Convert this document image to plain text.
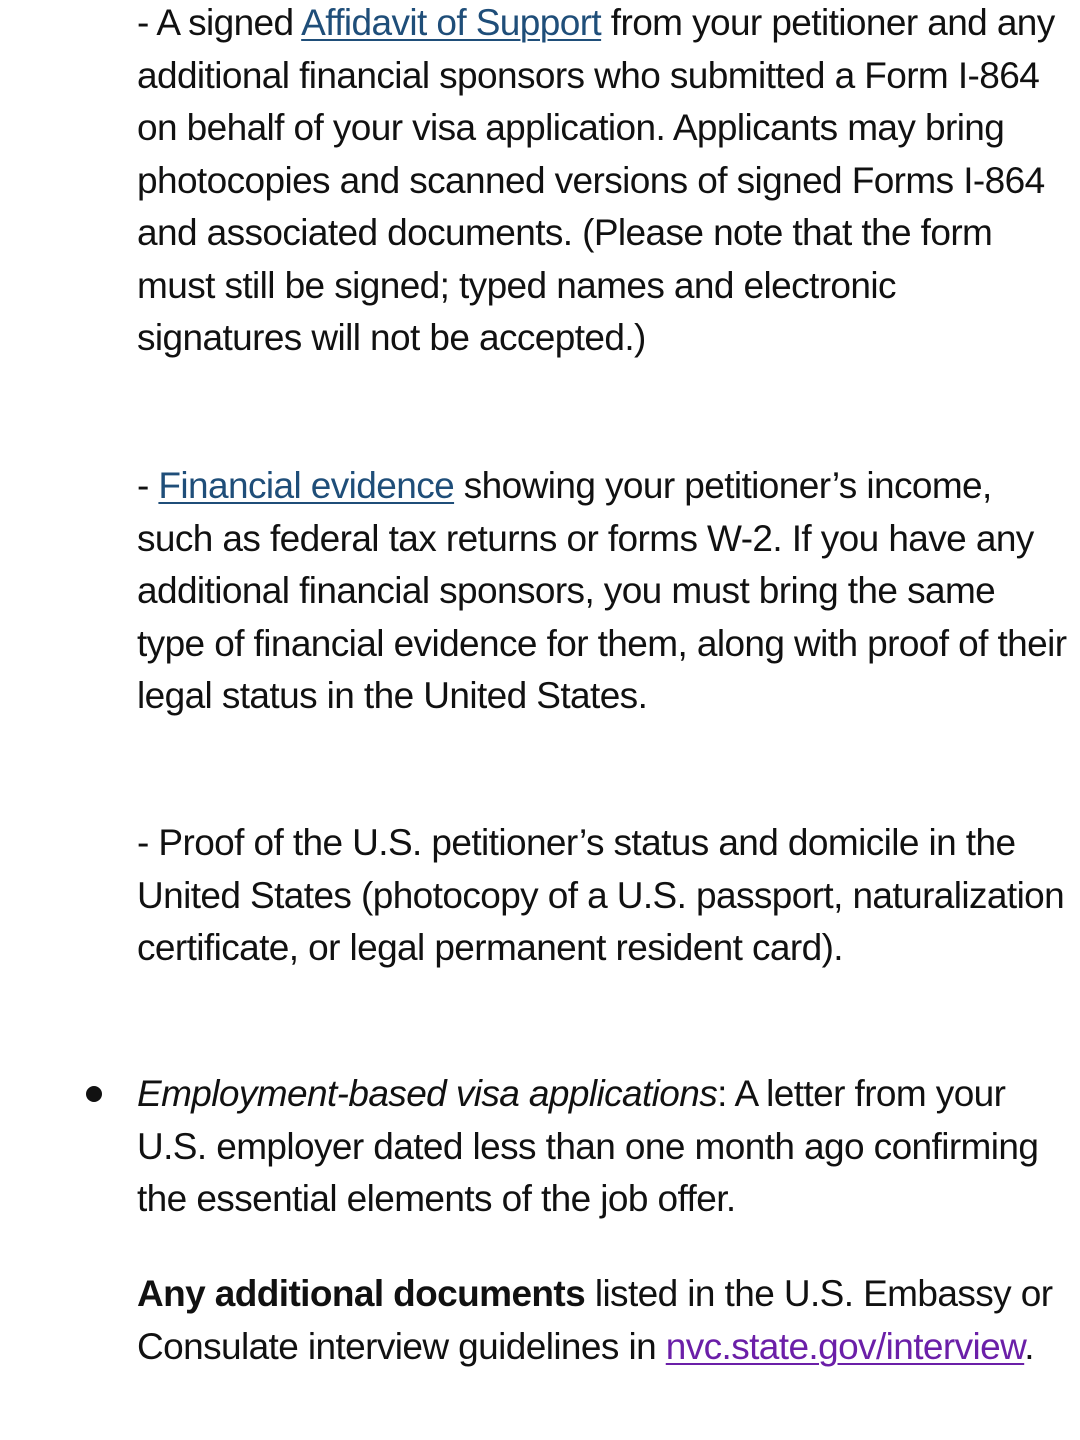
- A signed Affidavit of Support from your petitioner and any additional financial sponsors who submitted a Form I-864 on behalf of your visa application. Applicants may bring photocopies and scanned versions of signed Forms I-864 and associated documents. (Please note that the form must still be signed; typed names and electronic signatures will not be accepted.)

- Financial evidence showing your petitioner’s income, such as federal tax returns or forms W-2. If you have any additional financial sponsors, you must bring the same type of financial evidence for them, along with proof of their legal status in the United States.

- Proof of the U.S. petitioner’s status and domicile in the United States (photocopy of a U.S. passport, naturalization certificate, or legal permanent resident card).

Employment-based visa applications: A letter from your U.S. employer dated less than one month ago confirming the essential elements of the job offer.

Any additional documents listed in the U.S. Embassy or Consulate interview guidelines in nvc.state.gov/interview.
